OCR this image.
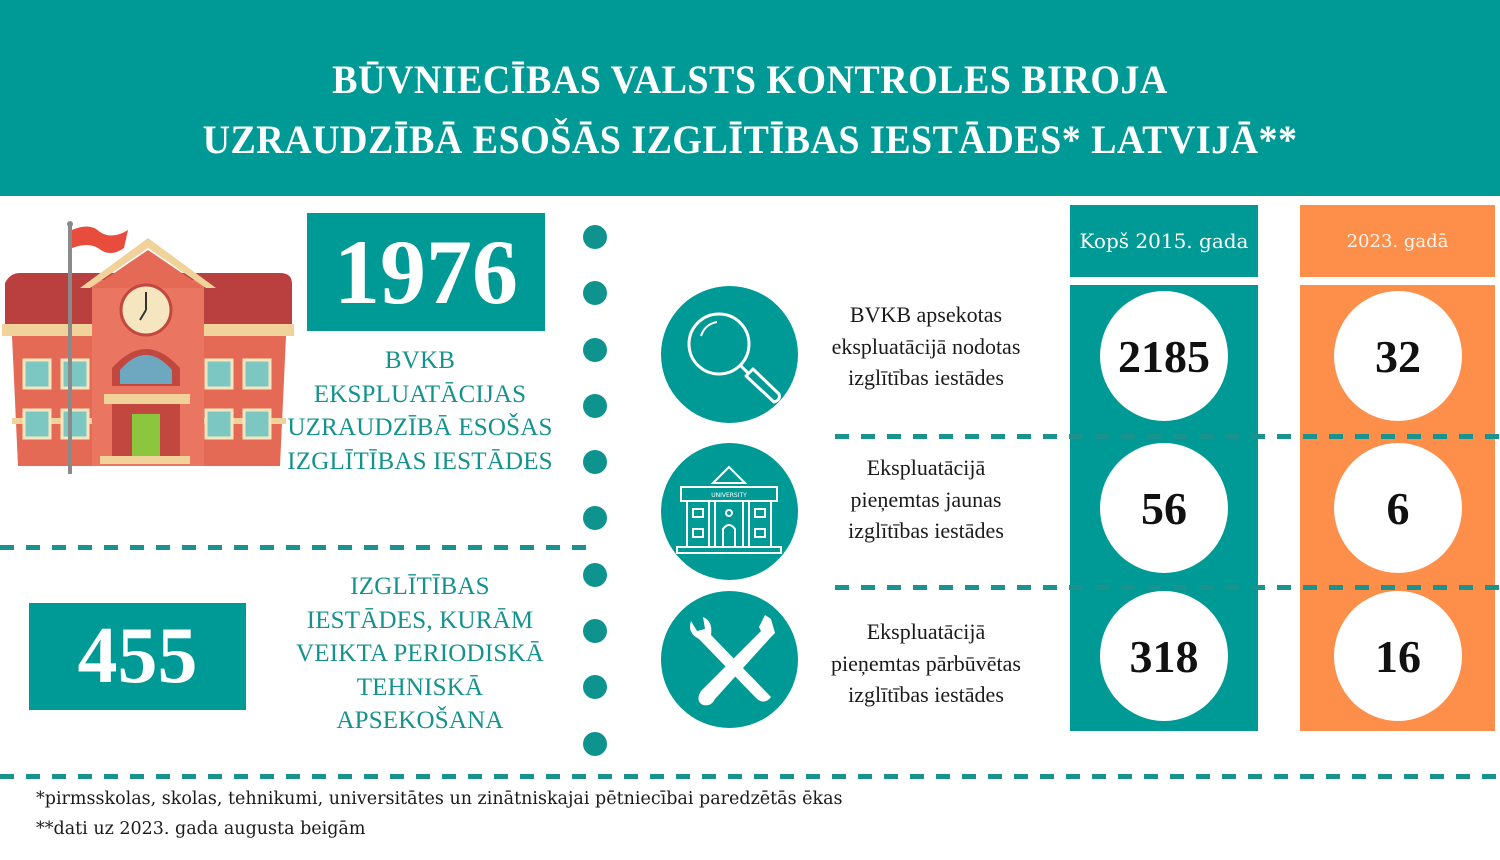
BŪVNIECĪBAS VALSTS KONTROLES BIROJA
UZRAUDZĪBĀ ESOŠĀS IZGLĪTĪBAS IESTĀDES* LATVIJĀ**
1976
BVKB
EKSPLUATĀCIJAS
UZRAUDZĪBĀ ESOŠAS
IZGLĪTĪBAS IESTĀDES
455
IZGLĪTĪBAS
IESTĀDES, KURĀM
VEIKTA PERIODISKĀ
TEHNISKĀ
APSEKOŠANA
Kopš 2015. gada	2023. gadā
BVKB apsekotas
ekspluatācijā nodotas
izglītības iestādes	2185	32
UNIVERSITY
Ekspluatācijā
pieņemtas jaunas
izglītības iestādes	56	6
Ekspluatācijā
pieņemtas pārbūvētas
izglītības iestādes
318	16
*pirmsskolas, skolas, tehnikumi, universitātes un zinātniskajai pētniecībai paredzētās ēkas
**dati uz 2023. gada augusta beigām
